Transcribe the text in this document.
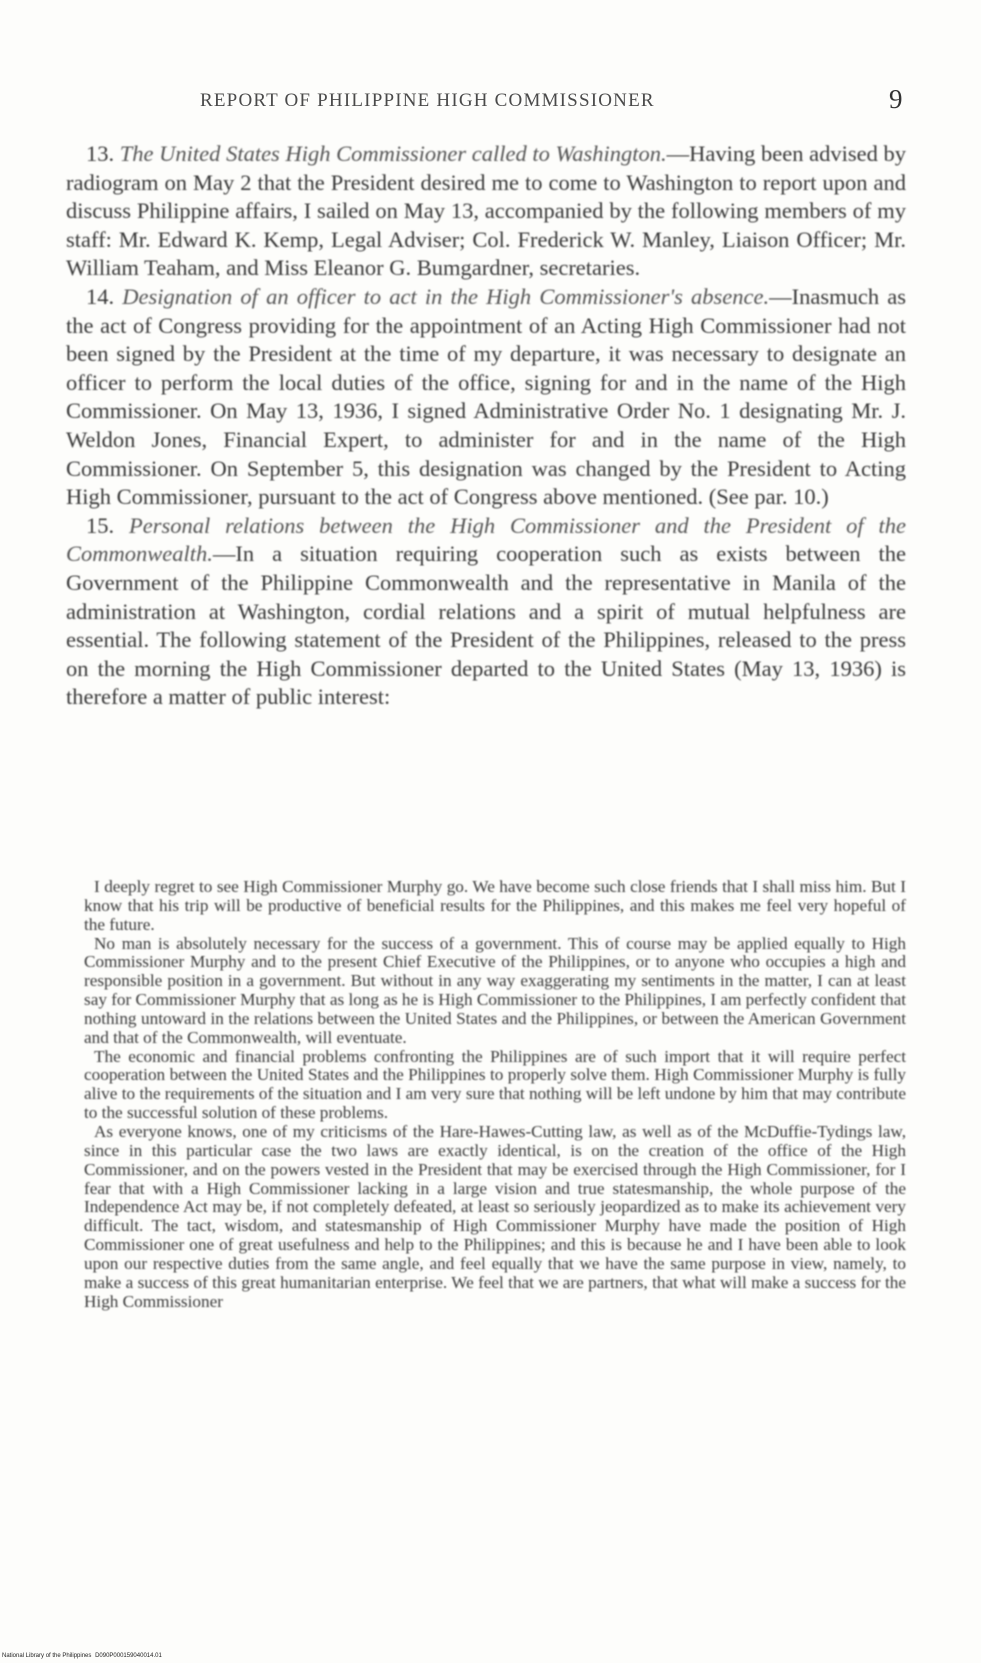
REPORT OF PHILIPPINE HIGH COMMISSIONER	9

13. The United States High Commissioner called to Washington.—Having been advised by radiogram on May 2 that the President desired me to come to Washington to report upon and discuss Philippine affairs, I sailed on May 13, accompanied by the following members of my staff: Mr. Edward K. Kemp, Legal Adviser; Col. Frederick W. Manley, Liaison Officer; Mr. William Teaham, and Miss Eleanor G. Bumgardner, secretaries.

14. Designation of an officer to act in the High Commissioner's absence.—Inasmuch as the act of Congress providing for the appointment of an Acting High Commissioner had not been signed by the President at the time of my departure, it was necessary to designate an officer to perform the local duties of the office, signing for and in the name of the High Commissioner. On May 13, 1936, I signed Administrative Order No. 1 designating Mr. J. Weldon Jones, Financial Expert, to administer for and in the name of the High Commissioner. On September 5, this designation was changed by the President to Acting High Commissioner, pursuant to the act of Congress above mentioned. (See par. 10.)

15. Personal relations between the High Commissioner and the President of the Commonwealth.—In a situation requiring cooperation such as exists between the Government of the Philippine Commonwealth and the representative in Manila of the administration at Washington, cordial relations and a spirit of mutual helpfulness are essential. The following statement of the President of the Philippines, released to the press on the morning the High Commissioner departed to the United States (May 13, 1936) is therefore a matter of public interest:

I deeply regret to see High Commissioner Murphy go. We have become such close friends that I shall miss him. But I know that his trip will be productive of beneficial results for the Philippines, and this makes me feel very hopeful of the future.

No man is absolutely necessary for the success of a government. This of course may be applied equally to High Commissioner Murphy and to the present Chief Executive of the Philippines, or to anyone who occupies a high and responsible position in a government. But without in any way exaggerating my sentiments in the matter, I can at least say for Commissioner Murphy that as long as he is High Commissioner to the Philippines, I am perfectly confident that nothing untoward in the relations between the United States and the Philippines, or between the American Government and that of the Commonwealth, will eventuate.

The economic and financial problems confronting the Philippines are of such import that it will require perfect cooperation between the United States and the Philippines to properly solve them. High Commissioner Murphy is fully alive to the requirements of the situation and I am very sure that nothing will be left undone by him that may contribute to the successful solution of these problems.

As everyone knows, one of my criticisms of the Hare-Hawes-Cutting law, as well as of the McDuffie-Tydings law, since in this particular case the two laws are exactly identical, is on the creation of the office of the High Commissioner, and on the powers vested in the President that may be exercised through the High Commissioner, for I fear that with a High Commissioner lacking in a large vision and true statesmanship, the whole purpose of the Independence Act may be, if not completely defeated, at least so seriously jeopardized as to make its achievement very difficult. The tact, wisdom, and statesmanship of High Commissioner Murphy have made the position of High Commissioner one of great usefulness and help to the Philippines; and this is because he and I have been able to look upon our respective duties from the same angle, and feel equally that we have the same purpose in view, namely, to make a success of this great humanitarian enterprise. We feel that we are partners, that what will make a success for the High Commissioner

National Library of the Philippines D090P000159040014.01
